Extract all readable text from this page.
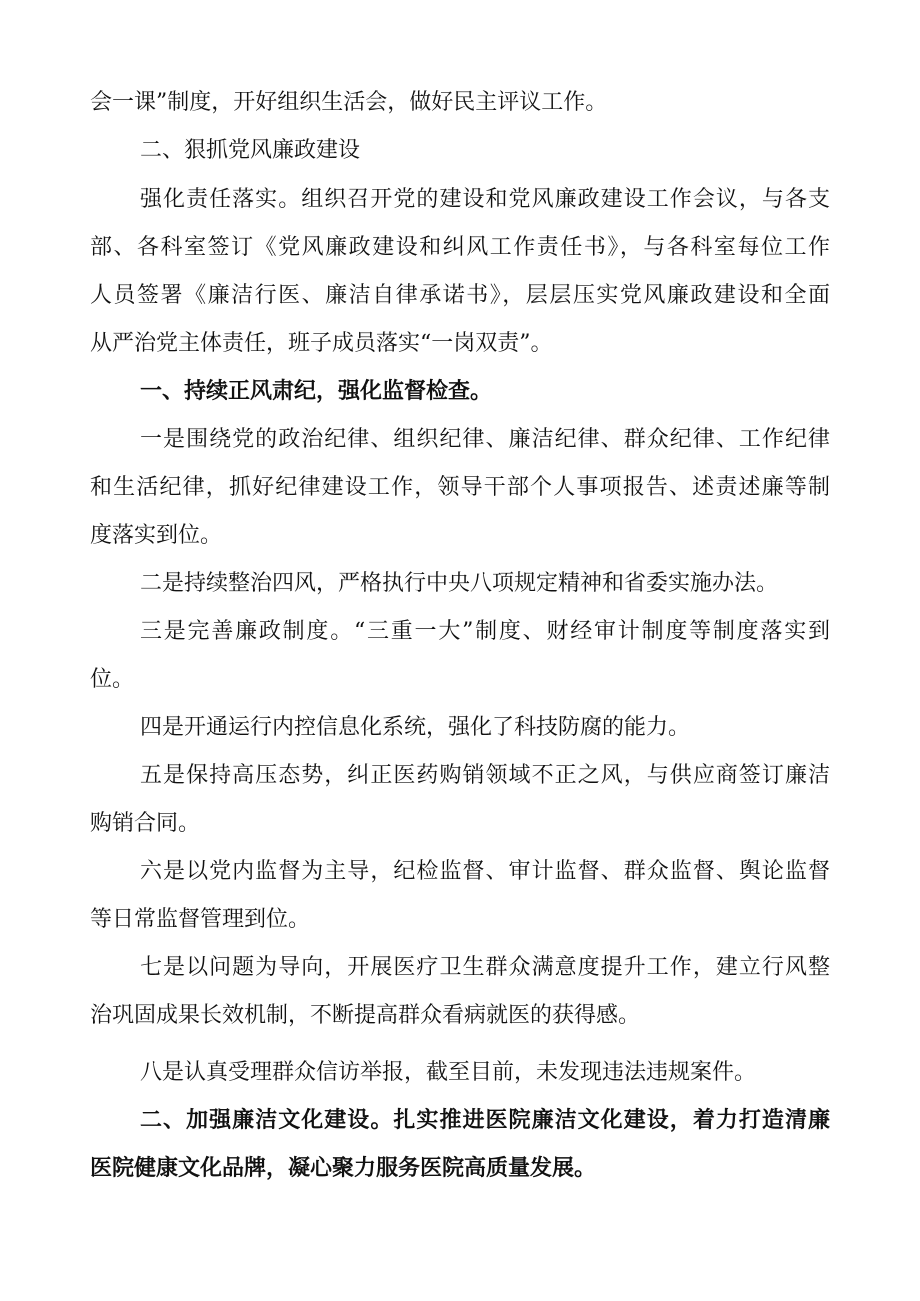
会一课”制度，开好组织生活会，做好民主评议工作。
二、狠抓党风廉政建设
强化责任落实。组织召开党的建设和党风廉政建设工作会议，与各支
部、各科室签订《党风廉政建设和纠风工作责任书》，与各科室每位工作
人员签署《廉洁行医、廉洁自律承诺书》，层层压实党风廉政建设和全面
从严治党主体责任，班子成员落实“一岗双责”。
一、持续正风肃纪，强化监督检查。
一是围绕党的政治纪律、组织纪律、廉洁纪律、群众纪律、工作纪律
和生活纪律，抓好纪律建设工作，领导干部个人事项报告、述责述廉等制
度落实到位。
二是持续整治四风，严格执行中央八项规定精神和省委实施办法。
三是完善廉政制度。“三重一大”制度、财经审计制度等制度落实到
位。
四是开通运行内控信息化系统，强化了科技防腐的能力。
五是保持高压态势，纠正医药购销领域不正之风，与供应商签订廉洁
购销合同。
六是以党内监督为主导，纪检监督、审计监督、群众监督、舆论监督
等日常监督管理到位。
七是以问题为导向，开展医疗卫生群众满意度提升工作，建立行风整
治巩固成果长效机制，不断提高群众看病就医的获得感。
八是认真受理群众信访举报，截至目前，未发现违法违规案件。
二、加强廉洁文化建设。扎实推进医院廉洁文化建设，着力打造清廉
医院健康文化品牌，凝心聚力服务医院高质量发展。
